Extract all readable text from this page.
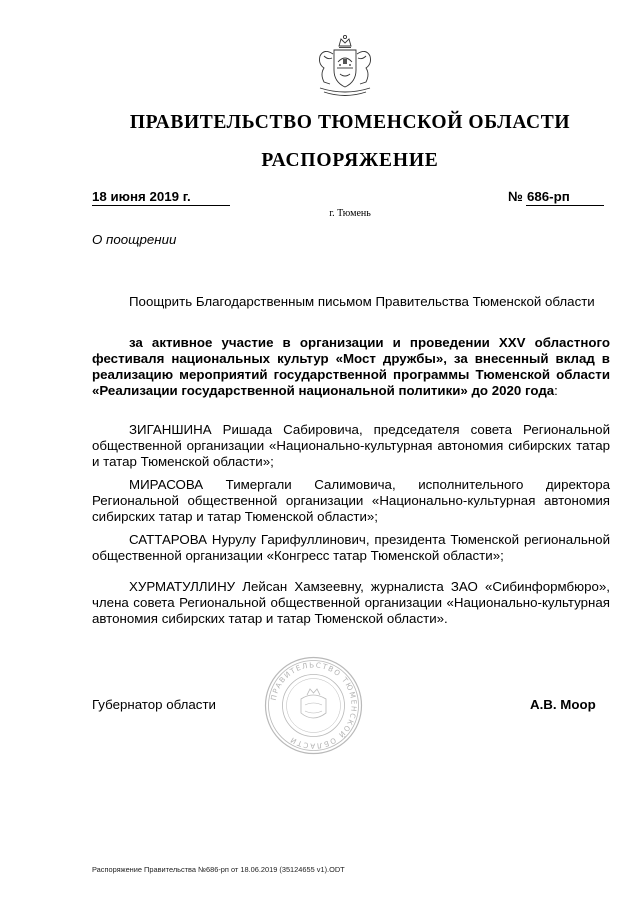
ПРАВИТЕЛЬСТВО ТЮМЕНСКОЙ ОБЛАСТИ
РАСПОРЯЖЕНИЕ
18 июня 2019 г.	№ 686-рп
г. Тюмень
О поощрении
Поощрить Благодарственным письмом Правительства Тюменской области
за активное участие в организации и проведении XXV областного фестиваля национальных культур «Мост дружбы», за внесенный вклад в реализацию мероприятий государственной программы Тюменской области «Реализации государственной национальной политики» до 2020 года:
ЗИГАНШИНА Ришада Сабировича, председателя совета Региональной общественной организации «Национально-культурная автономия сибирских татар и татар Тюменской области»;
МИРАСОВА Тимергали Салимовича, исполнительного директора Региональной общественной организации «Национально-культурная автономия сибирских татар и татар Тюменской области»;
САТТАРОВА Нурулу Гарифуллинович, президента Тюменской региональной общественной организации «Конгресс татар Тюменской области»;
ХУРМАТУЛЛИНУ Лейсан Хамзеевну, журналиста ЗАО «Сибинформбюро», члена совета Региональной общественной организации «Национально-культурная автономия сибирских татар и татар Тюменской области».
Губернатор области
ПРАВИТЕЛЬСТВО ТЮМЕНСКОЙ ОБЛАСТИ
А.В. Моор
Распоряжение Правительства №686-рп от 18.06.2019 (35124655 v1).ODT
